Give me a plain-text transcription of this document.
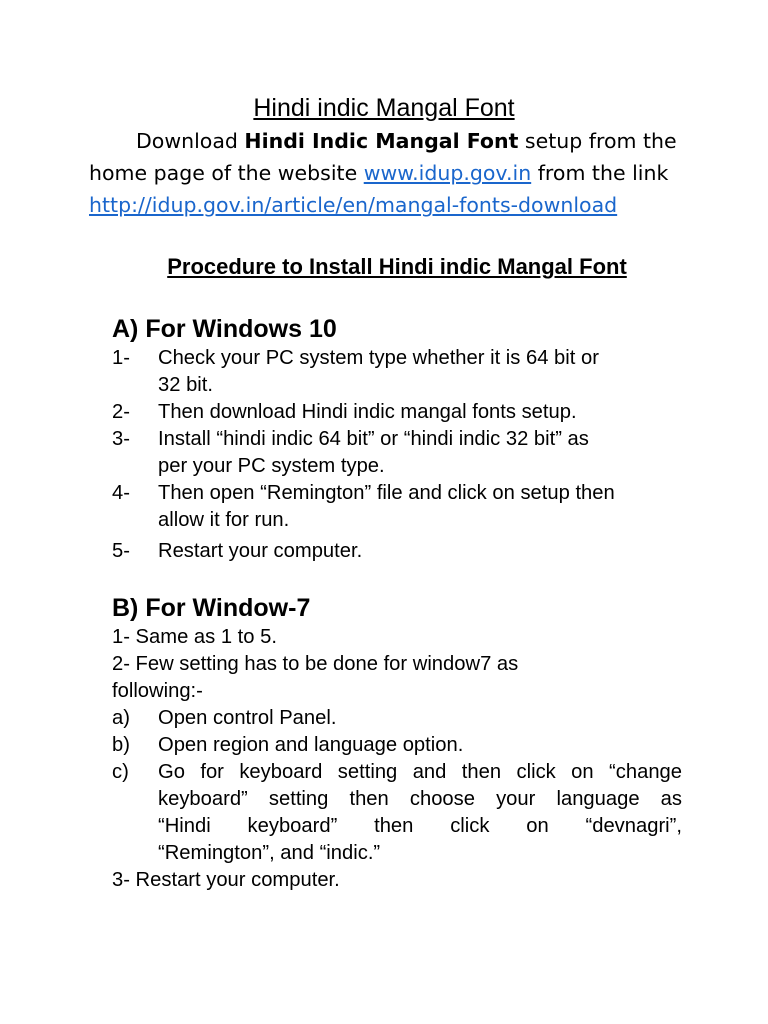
Hindi indic Mangal Font
Download Hindi Indic Mangal Font setup from the
home page of the website www.idup.gov.in from the link
http://idup.gov.in/article/en/mangal-fonts-download
Procedure to Install Hindi indic Mangal Font
A) For Windows 10
1-	Check your PC system type whether it is 64 bit or
32 bit.
2-	Then download Hindi indic mangal fonts setup.
3-	Install “hindi indic 64 bit” or “hindi indic 32 bit” as
per your PC system type.
4-	Then open “Remington” file and click on setup then
allow it for run.
5-	Restart your computer.
B) For Window-7
1- Same as 1 to 5.
2- Few setting has to be done for window7 as
following:-
a)	Open control Panel.
b)	Open region and language option.
c)	Go for keyboard setting and then click on “change
keyboard” setting then choose your language as
“Hindi keyboard” then click on “devnagri”,
“Remington”, and “indic.”
3- Restart your computer.
